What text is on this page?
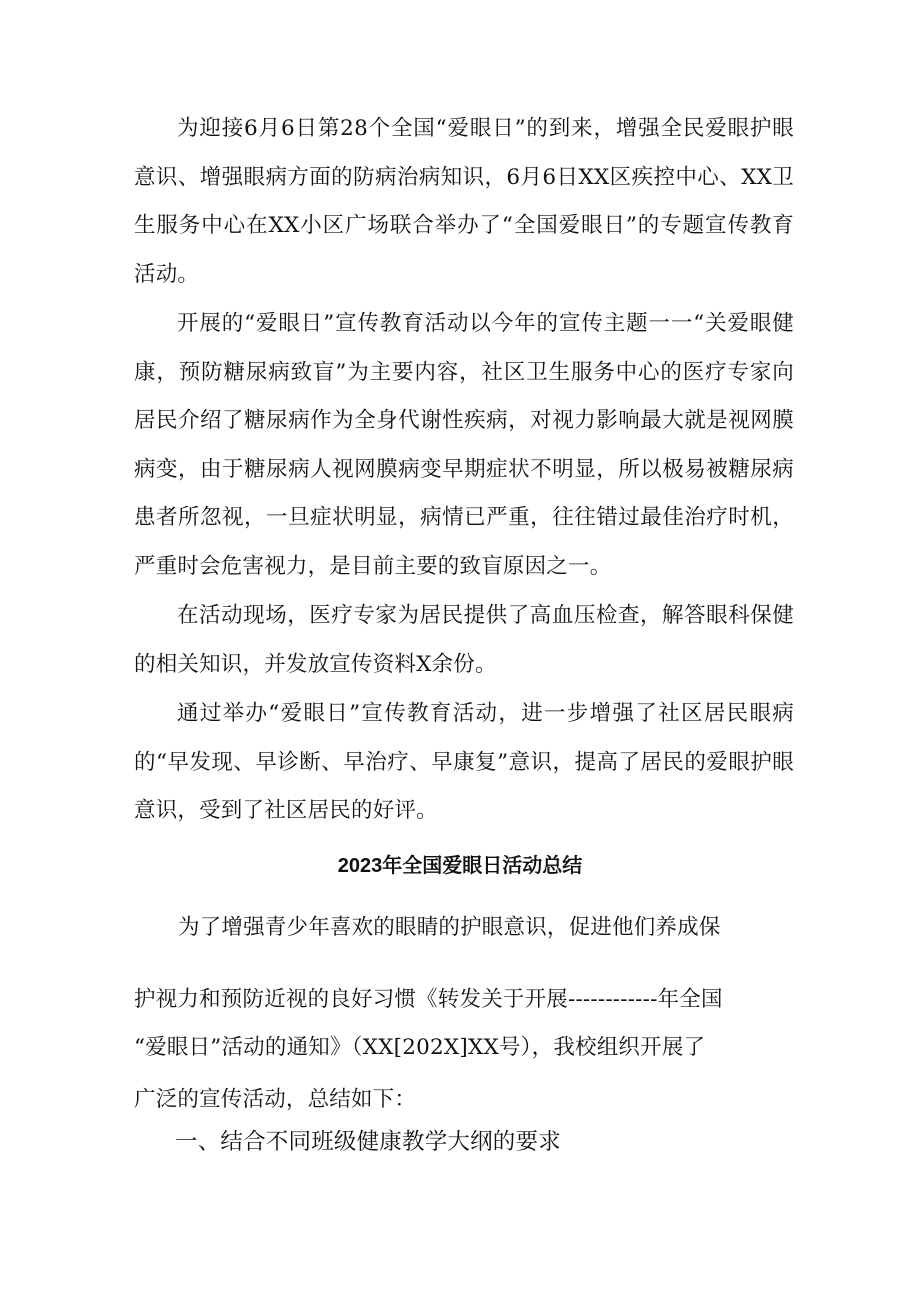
为迎接6月6日第28个全国“爱眼日”的到来，增强全民爱眼护眼意识、增强眼病方面的防病治病知识，6月6日XX区疾控中心、XX卫生服务中心在XX小区广场联合举办了“全国爱眼日”的专题宣传教育活动。

开展的“爱眼日”宣传教育活动以今年的宣传主题一一“关爱眼健康，预防糖尿病致盲”为主要内容，社区卫生服务中心的医疗专家向居民介绍了糖尿病作为全身代谢性疾病，对视力影响最大就是视网膜病变，由于糖尿病人视网膜病变早期症状不明显，所以极易被糖尿病患者所忽视，一旦症状明显，病情已严重，往往错过最佳治疗时机，严重时会危害视力，是目前主要的致盲原因之一。

在活动现场，医疗专家为居民提供了高血压检查，解答眼科保健的相关知识，并发放宣传资料X余份。

通过举办“爱眼日”宣传教育活动，进一步增强了社区居民眼病的“早发现、早诊断、早治疗、早康复”意识，提高了居民的爱眼护眼意识，受到了社区居民的好评。

2023年全国爱眼日活动总结

为了增强青少年喜欢的眼睛的护眼意识，促进他们养成保

护视力和预防近视的良好习惯《转发关于开展------------年全国

“爱眼日”活动的通知》（XX[202X]XX号），我校组织开展了

广泛的宣传活动，总结如下：

一、结合不同班级健康教学大纲的要求
